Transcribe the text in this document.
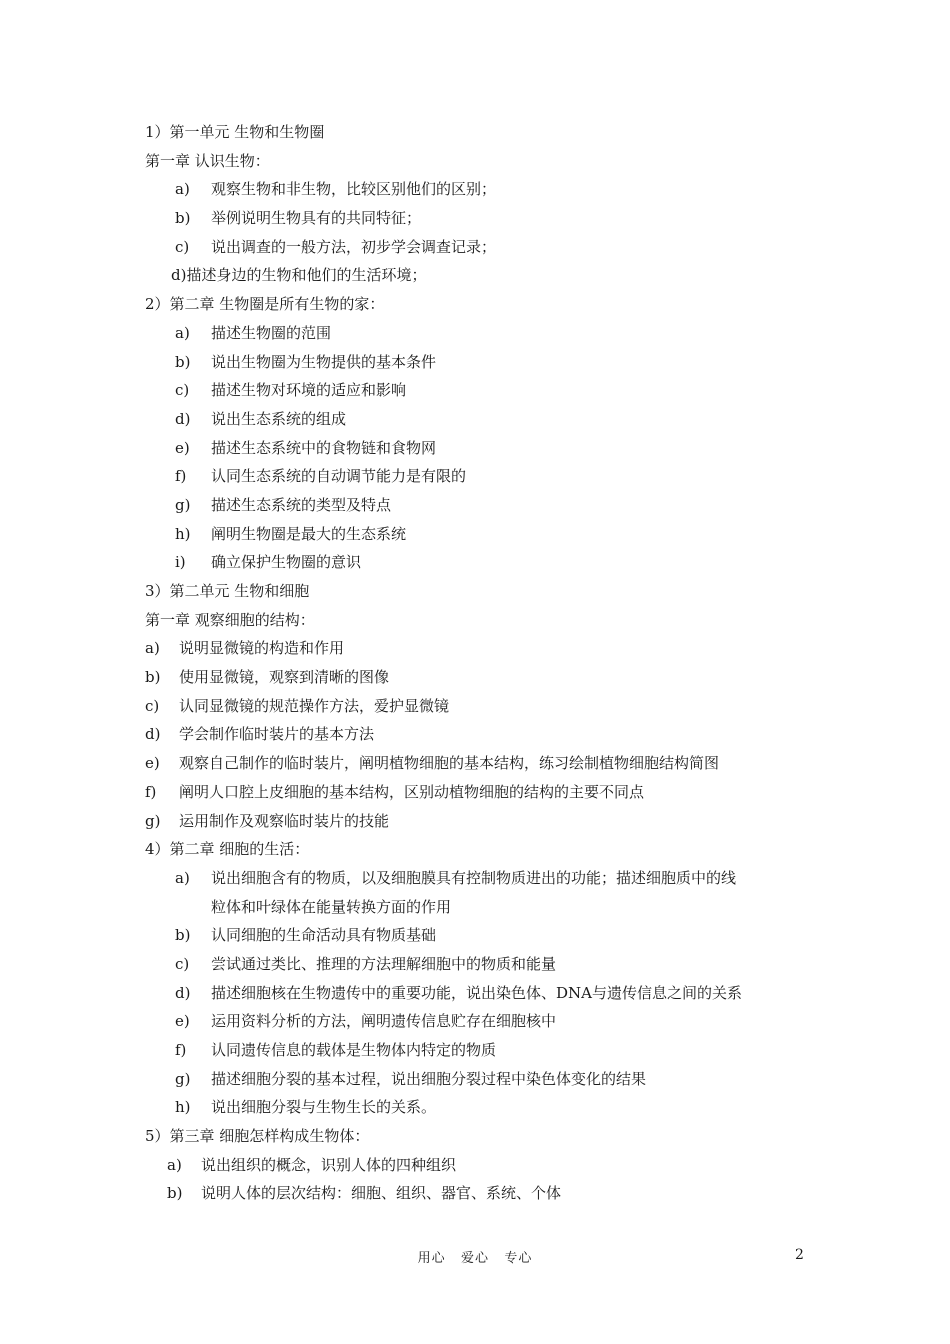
1）第一单元 生物和生物圈
第一章 认识生物：
a) 观察生物和非生物，比较区别他们的区别；
b) 举例说明生物具有的共同特征；
c) 说出调查的一般方法，初步学会调查记录；
d)描述身边的生物和他们的生活环境；
2）第二章 生物圈是所有生物的家：
a) 描述生物圈的范围
b) 说出生物圈为生物提供的基本条件
c) 描述生物对环境的适应和影响
d) 说出生态系统的组成
e) 描述生态系统中的食物链和食物网
f) 认同生态系统的自动调节能力是有限的
g) 描述生态系统的类型及特点
h) 阐明生物圈是最大的生态系统
i) 确立保护生物圈的意识
3）第二单元 生物和细胞
第一章 观察细胞的结构：
a) 说明显微镜的构造和作用
b) 使用显微镜，观察到清晰的图像
c) 认同显微镜的规范操作方法，爱护显微镜
d) 学会制作临时装片的基本方法
e) 观察自己制作的临时装片，阐明植物细胞的基本结构，练习绘制植物细胞结构简图
f) 阐明人口腔上皮细胞的基本结构，区别动植物细胞的结构的主要不同点
g) 运用制作及观察临时装片的技能
4）第二章 细胞的生活：
a) 说出细胞含有的物质，以及细胞膜具有控制物质进出的功能；描述细胞质中的线
粒体和叶绿体在能量转换方面的作用
b) 认同细胞的生命活动具有物质基础
c) 尝试通过类比、推理的方法理解细胞中的物质和能量
d) 描述细胞核在生物遗传中的重要功能，说出染色体、DNA与遗传信息之间的关系
e) 运用资料分析的方法，阐明遗传信息贮存在细胞核中
f) 认同遗传信息的载体是生物体内特定的物质
g) 描述细胞分裂的基本过程，说出细胞分裂过程中染色体变化的结果
h) 说出细胞分裂与生物生长的关系。
5）第三章 细胞怎样构成生物体：
a) 说出组织的概念，识别人体的四种组织
b) 说明人体的层次结构：细胞、组织、器官、系统、个体
用心   爱心   专心	2
